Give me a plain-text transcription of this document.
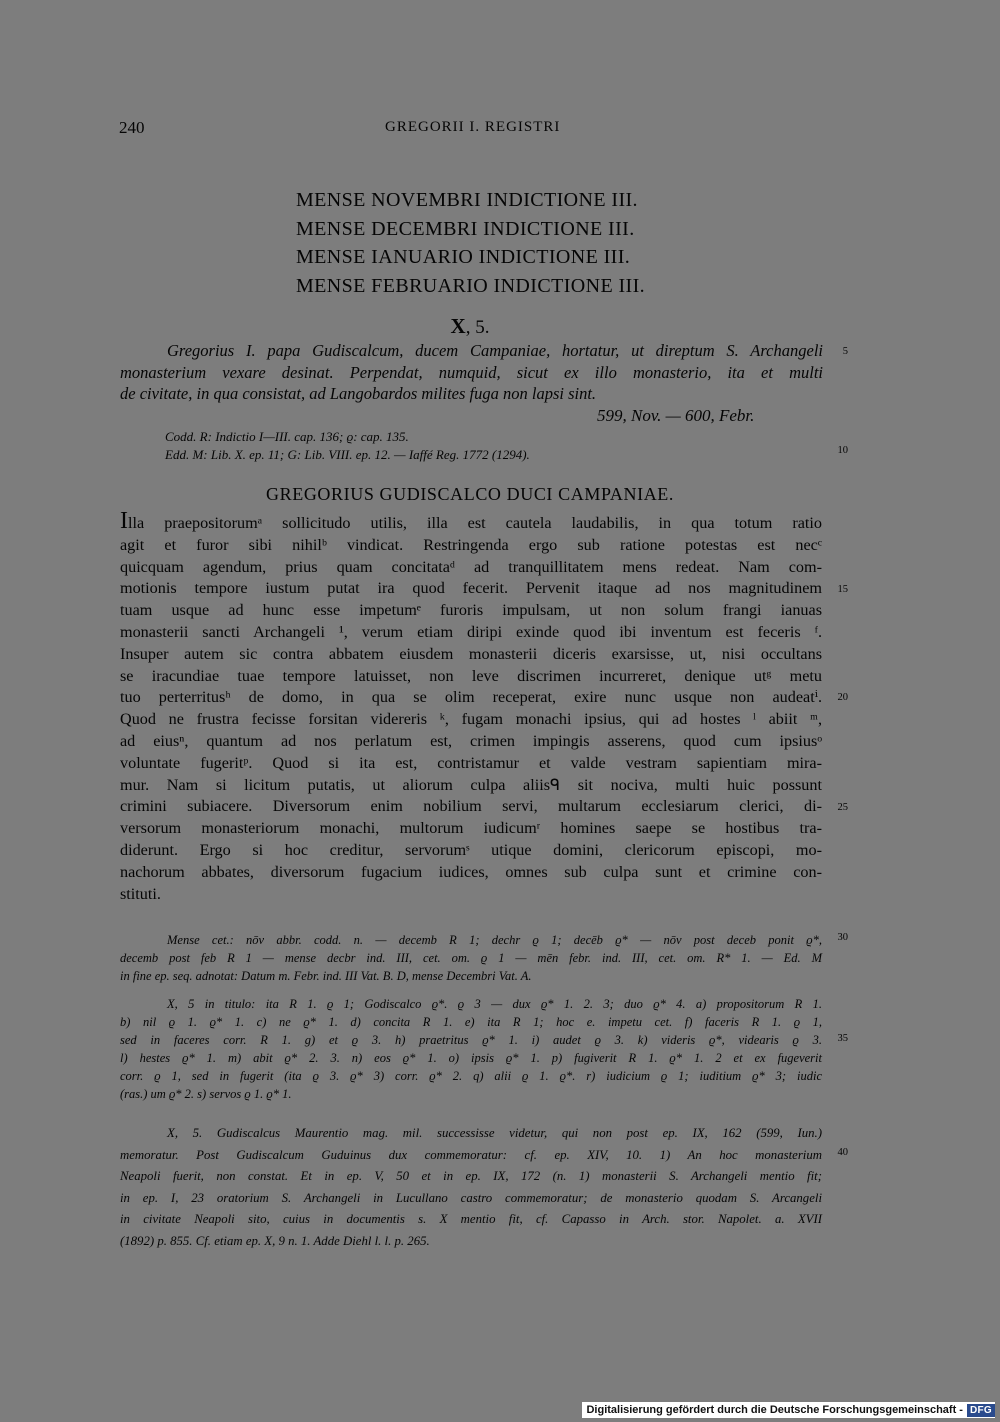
240	GREGORII I. REGISTRI
MENSE NOVEMBRI INDICTIONE III.
MENSE DECEMBRI INDICTIONE III.
MENSE IANUARIO INDICTIONE III.
MENSE FEBRUARIO INDICTIONE III.
X, 5.
Gregorius I. papa Gudiscalcum, ducem Campaniae, hortatur, ut direptum S. Archangeli
monasterium vexare desinat. Perpendat, numquid, sicut ex illo monasterio, ita et multi
de civitate, in qua consistat, ad Langobardos milites fuga non lapsi sint.
599, Nov. — 600, Febr.
Codd. R: Indictio I—III. cap. 136; ϱ: cap. 135.
Edd. M: Lib. X. ep. 11; G: Lib. VIII. ep. 12. — Iaffé Reg. 1772 (1294).
GREGORIUS GUDISCALCO DUCI CAMPANIAE.
Illa praepositorumᵃ sollicitudo utilis, illa est cautela laudabilis, in qua totum ratio
agit et furor sibi nihilᵇ vindicat. Restringenda ergo sub ratione potestas est necᶜ
quicquam agendum, prius quam concitataᵈ ad tranquillitatem mens redeat. Nam com-
motionis tempore iustum putat ira quod fecerit. Pervenit itaque ad nos magnitudinem
tuam usque ad hunc esse impetumᵉ furoris impulsam, ut non solum frangi ianuas
monasterii sancti Archangeli ¹, verum etiam diripi exinde quod ibi inventum est feceris ᶠ.
Insuper autem sic contra abbatem eiusdem monasterii diceris exarsisse, ut, nisi occultans
se iracundiae tuae tempore latuisset, non leve discrimen incurreret, denique utᵍ metu
tuo perterritusʰ de domo, in qua se olim receperat, exire nunc usque non audeatⁱ.
Quod ne frustra fecisse forsitan videreris ᵏ, fugam monachi ipsius, qui ad hostes ˡ abiit ᵐ,
ad eiusⁿ, quantum ad nos perlatum est, crimen impingis asserens, quod cum ipsiusᵒ
voluntate fugeritᵖ. Quod si ita est, contristamur et valde vestram sapientiam mira-
mur. Nam si licitum putatis, ut aliorum culpa aliisᑫ sit nociva, multi huic possunt
crimini subiacere. Diversorum enim nobilium servi, multarum ecclesiarum clerici, di-
versorum monasteriorum monachi, multorum iudicumʳ homines saepe se hostibus tra-
diderunt. Ergo si hoc creditur, servorumˢ utique domini, clericorum episcopi, mo-
nachorum abbates, diversorum fugacium iudices, omnes sub culpa sunt et crimine con-
stituti.
Mense cet.: nōv abbr. codd. n. — decemb R 1; dechr ϱ 1; decēb ϱ* — nōv post deceb ponit ϱ*,
decemb post feb R 1 — mense decbr ind. III, cet. om. ϱ 1 — mēn febr. ind. III, cet. om. R* 1. — Ed. M
in fine ep. seq. adnotat: Datum m. Febr. ind. III Vat. B. D, mense Decembri Vat. A.
X, 5 in titulo: ita R 1. ϱ 1; Godiscalco ϱ*. ϱ 3 — dux ϱ* 1. 2. 3; duo ϱ* 4. a) propositorum R 1.
b) nil ϱ 1. ϱ* 1. c) ne ϱ* 1. d) concita R 1. e) ita R 1; hoc e. impetu cet. f) faceris R 1. ϱ 1,
sed in faceres corr. R 1. g) et ϱ 3. h) praetritus ϱ* 1. i) audet ϱ 3. k) videris ϱ*, videaris ϱ 3.
l) hestes ϱ* 1. m) abit ϱ* 2. 3. n) eos ϱ* 1. o) ipsis ϱ* 1. p) fugiverit R 1. ϱ* 1. 2 et ex fugeverit
corr. ϱ 1, sed in fugerit (ita ϱ 3. ϱ* 3) corr. ϱ* 2. q) alii ϱ 1. ϱ*. r) iudicium ϱ 1; iuditium ϱ* 3; iudic
(ras.) um ϱ* 2. s) servos ϱ 1. ϱ* 1.
X, 5. Gudiscalcus Maurentio mag. mil. successisse videtur, qui non post ep. IX, 162 (599, Iun.)
memoratur. Post Gudiscalcum Guduinus dux commemoratur: cf. ep. XIV, 10. 1) An hoc monasterium
Neapoli fuerit, non constat. Et in ep. V, 50 et in ep. IX, 172 (n. 1) monasterii S. Archangeli mentio fit;
in ep. I, 23 oratorium S. Archangeli in Lucullano castro commemoratur; de monasterio quodam S. Arcangeli
in civitate Neapoli sito, cuius in documentis s. X mentio fit, cf. Capasso in Arch. stor. Napolet. a. XVII
(1892) p. 855. Cf. etiam ep. X, 9 n. 1. Adde Diehl l. l. p. 265.
5
10
15
20
25
30
35
40
Digitalisierung gefördert durch die Deutsche Forschungsgemeinschaft - DFG
